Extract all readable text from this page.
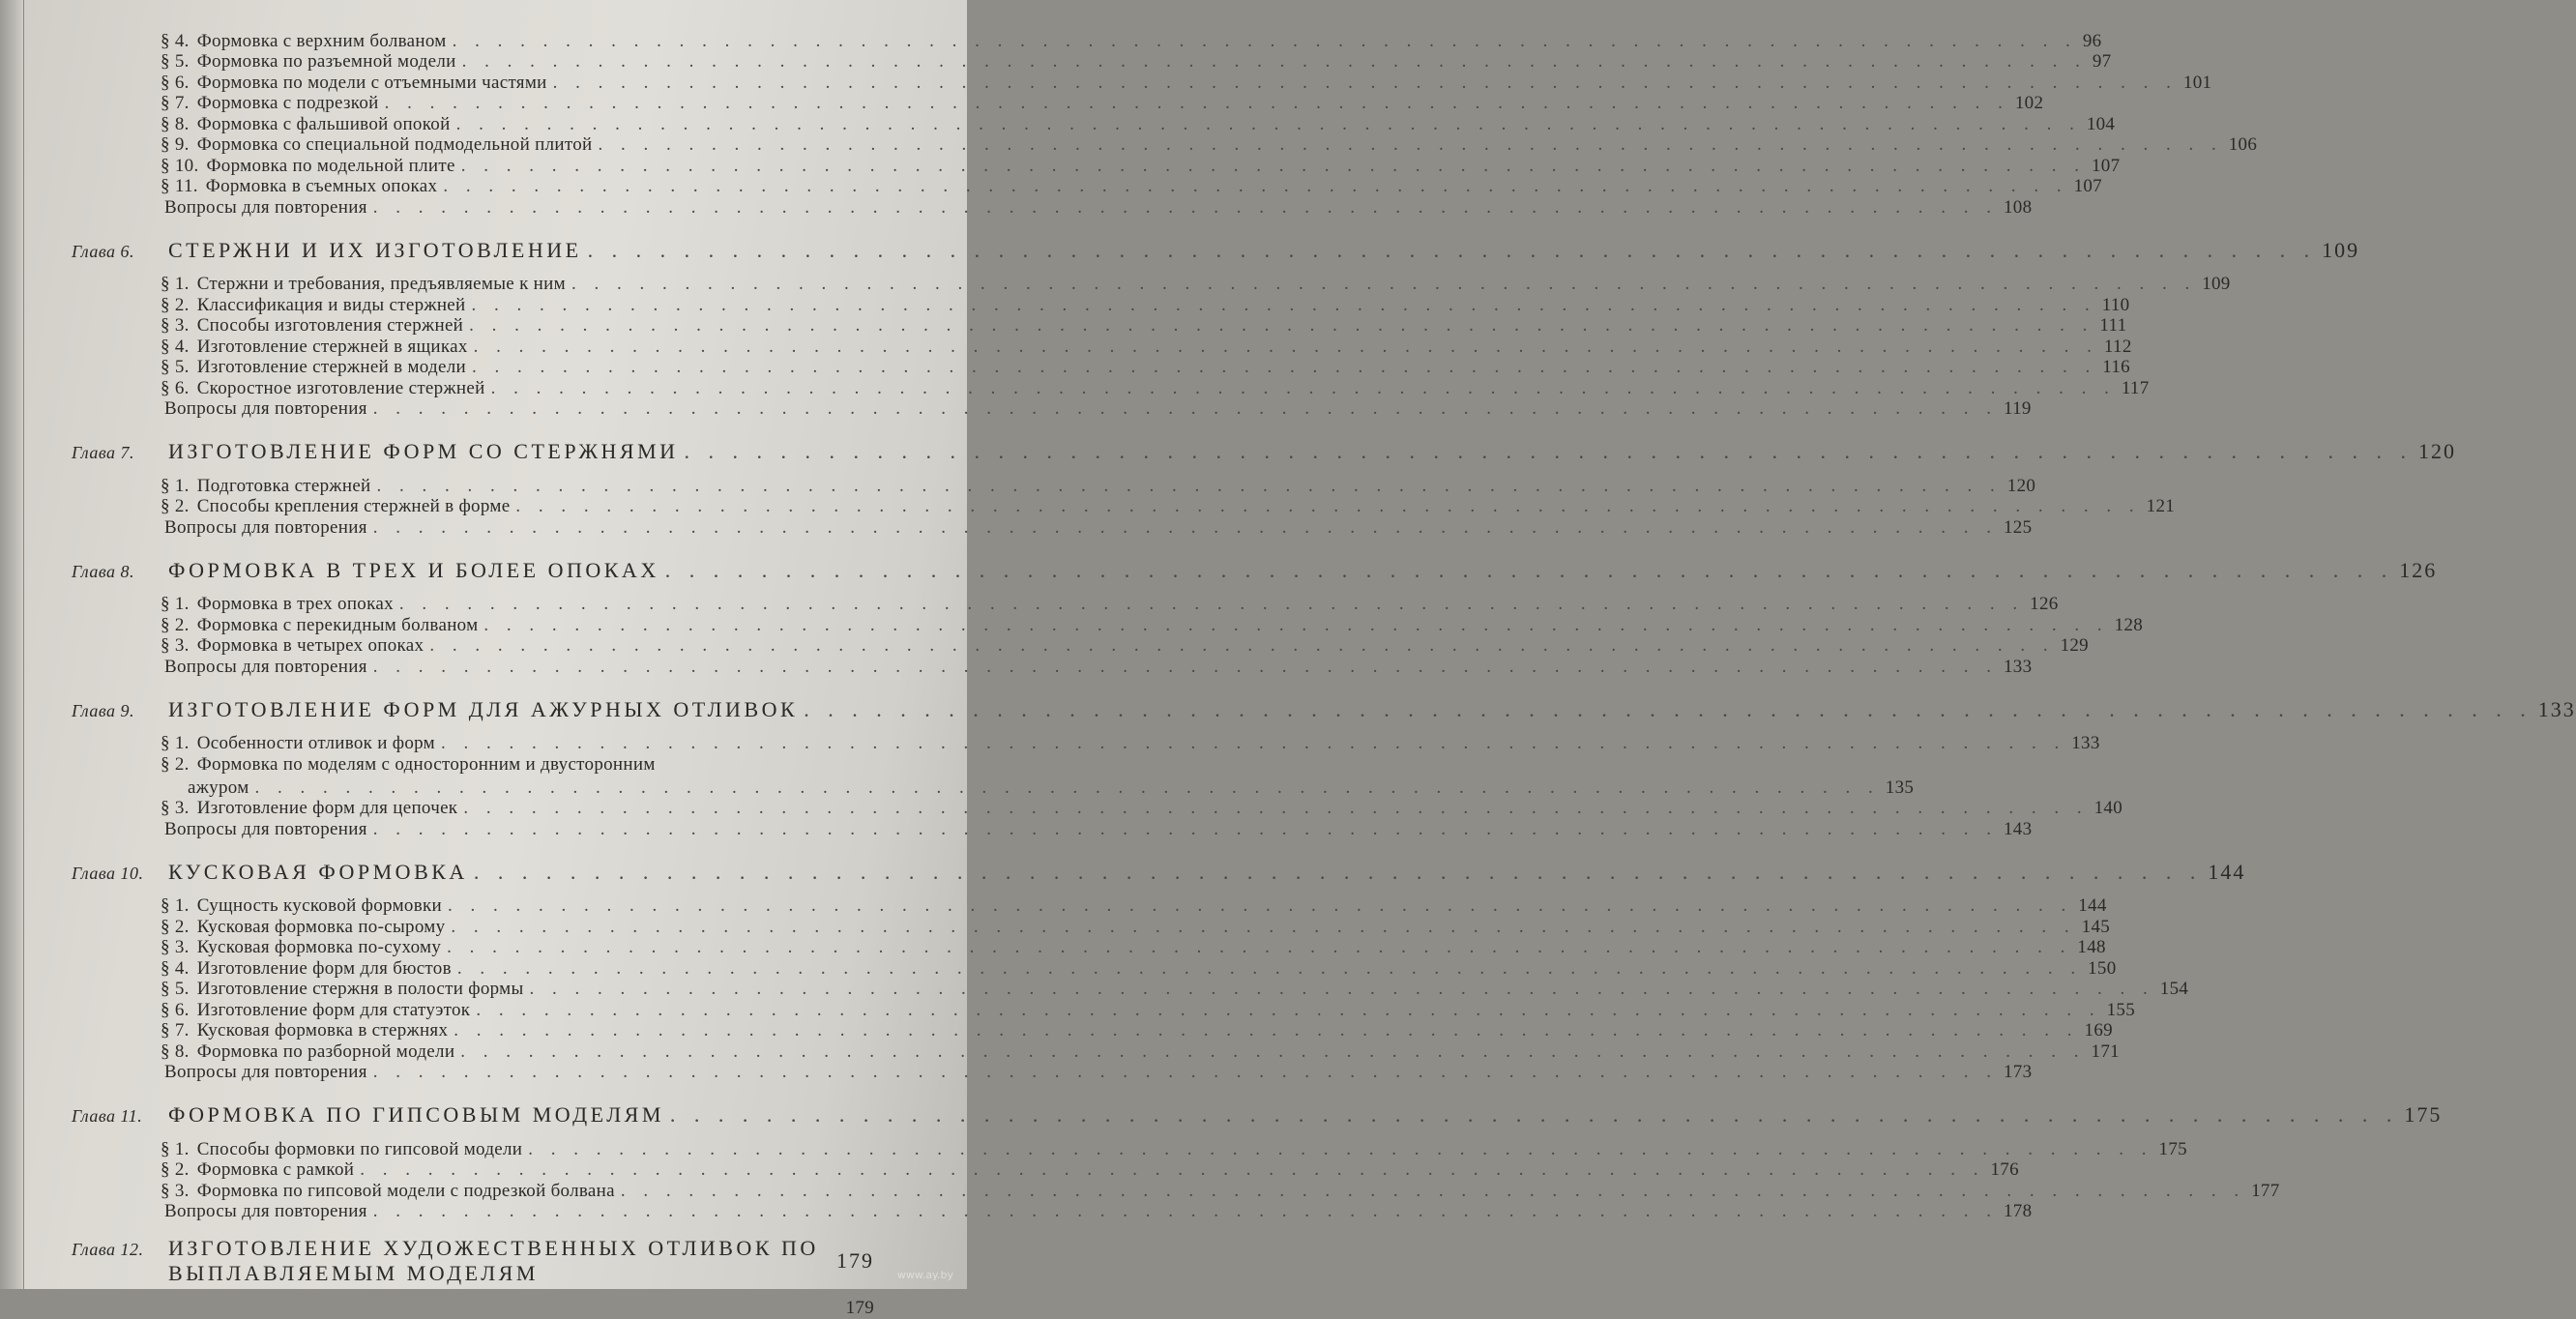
§ 4. Формовка с верхним болваном . . . . . . . . . . . . . . . . . . . . . . . . . . . . . . . . . . . . . . . . . . . . . . . . . . . . . . . . . . . . . . . . . . . . . . . . 96
§ 5. Формовка по разъемной модели . . . . . . . . . . . . . . . . . . . . . . . . . . . . . . . . . . . . . . . . . . . . . . . . . . . . . . . . . . . . . . . . . . . . . . . . 97
§ 6. Формовка по модели с отъемными частями . . . . . . . . . . . . . . . . . . . . . . . . . . . . . . . . . . . . . . . . . . . . . . . . . . . . . . . . . . . . . . . . . . . . . . . . 101
§ 7. Формовка с подрезкой . . . . . . . . . . . . . . . . . . . . . . . . . . . . . . . . . . . . . . . . . . . . . . . . . . . . . . . . . . . . . . . . . . . . . . . . 102
§ 8. Формовка с фальшивой опокой . . . . . . . . . . . . . . . . . . . . . . . . . . . . . . . . . . . . . . . . . . . . . . . . . . . . . . . . . . . . . . . . . . . . . . . . 104
§ 9. Формовка со специальной подмодельной плитой . . . . . . . . . . . . . . . . . . . . . . . . . . . . . . . . . . . . . . . . . . . . . . . . . . . . . . . . . . . . . . . . . . . . . . . . 106
§ 10. Формовка по модельной плите . . . . . . . . . . . . . . . . . . . . . . . . . . . . . . . . . . . . . . . . . . . . . . . . . . . . . . . . . . . . . . . . . . . . . . . . 107
§ 11. Формовка в съемных опоках . . . . . . . . . . . . . . . . . . . . . . . . . . . . . . . . . . . . . . . . . . . . . . . . . . . . . . . . . . . . . . . . . . . . . . . . 107
Вопросы для повторения . . . . . . . . . . . . . . . . . . . . . . . . . . . . . . . . . . . . . . . . . . . . . . . . . . . . . . . . . . . . . . . . . . . . . . . . 108
Глава 6. СТЕРЖНИ И ИХ ИЗГОТОВЛЕНИЕ . . . . . . . . . . . . . . . . . . . . . . . . . . . . . . . . . . . . . . . . . . . . . . . . . . . . . . . . . . . . . . . . . . . . . . . . 109
§ 1. Стержни и требования, предъявляемые к ним . . . . . . . . . . . . . . . . . . . . . . . . . . . . . . . . . . . . . . . . . . . . . . . . . . . . . . . . . . . . . . . . . . . . . . . . 109
§ 2. Классификация и виды стержней . . . . . . . . . . . . . . . . . . . . . . . . . . . . . . . . . . . . . . . . . . . . . . . . . . . . . . . . . . . . . . . . . . . . . . . . 110
§ 3. Способы изготовления стержней . . . . . . . . . . . . . . . . . . . . . . . . . . . . . . . . . . . . . . . . . . . . . . . . . . . . . . . . . . . . . . . . . . . . . . . . 111
§ 4. Изготовление стержней в ящиках . . . . . . . . . . . . . . . . . . . . . . . . . . . . . . . . . . . . . . . . . . . . . . . . . . . . . . . . . . . . . . . . . . . . . . . . 112
§ 5. Изготовление стержней в модели . . . . . . . . . . . . . . . . . . . . . . . . . . . . . . . . . . . . . . . . . . . . . . . . . . . . . . . . . . . . . . . . . . . . . . . . 116
§ 6. Скоростное изготовление стержней . . . . . . . . . . . . . . . . . . . . . . . . . . . . . . . . . . . . . . . . . . . . . . . . . . . . . . . . . . . . . . . . . . . . . . . . 117
Вопросы для повторения . . . . . . . . . . . . . . . . . . . . . . . . . . . . . . . . . . . . . . . . . . . . . . . . . . . . . . . . . . . . . . . . . . . . . . . . 119
Глава 7. ИЗГОТОВЛЕНИЕ ФОРМ СО СТЕРЖНЯМИ . . . . . . . . . . . . . . . . . . . . . . . . . . . . . . . . . . . . . . . . . . . . . . . . . . . . . . . . . . . . . . . . . . . . . . . . 120
§ 1. Подготовка стержней . . . . . . . . . . . . . . . . . . . . . . . . . . . . . . . . . . . . . . . . . . . . . . . . . . . . . . . . . . . . . . . . . . . . . . . . 120
§ 2. Способы крепления стержней в форме . . . . . . . . . . . . . . . . . . . . . . . . . . . . . . . . . . . . . . . . . . . . . . . . . . . . . . . . . . . . . . . . . . . . . . . . 121
Вопросы для повторения . . . . . . . . . . . . . . . . . . . . . . . . . . . . . . . . . . . . . . . . . . . . . . . . . . . . . . . . . . . . . . . . . . . . . . . . 125
Глава 8. ФОРМОВКА В ТРЕХ И БОЛЕЕ ОПОКАХ . . . . . . . . . . . . . . . . . . . . . . . . . . . . . . . . . . . . . . . . . . . . . . . . . . . . . . . . . . . . . . . . . . . . . . . . 126
§ 1. Формовка в трех опоках . . . . . . . . . . . . . . . . . . . . . . . . . . . . . . . . . . . . . . . . . . . . . . . . . . . . . . . . . . . . . . . . . . . . . . . . 126
§ 2. Формовка с перекидным болваном . . . . . . . . . . . . . . . . . . . . . . . . . . . . . . . . . . . . . . . . . . . . . . . . . . . . . . . . . . . . . . . . . . . . . . . . 128
§ 3. Формовка в четырех опоках . . . . . . . . . . . . . . . . . . . . . . . . . . . . . . . . . . . . . . . . . . . . . . . . . . . . . . . . . . . . . . . . . . . . . . . . 129
Вопросы для повторения . . . . . . . . . . . . . . . . . . . . . . . . . . . . . . . . . . . . . . . . . . . . . . . . . . . . . . . . . . . . . . . . . . . . . . . . 133
Глава 9. ИЗГОТОВЛЕНИЕ ФОРМ ДЛЯ АЖУРНЫХ ОТЛИВОК . . . . . . . . . . . . . . . . . . . . . . . . . . . . . . . . . . . . . . . . . . . . . . . . . . . . . . . . . . . . . . . . . . . . . . . . 133
§ 1. Особенности отливок и форм . . . . . . . . . . . . . . . . . . . . . . . . . . . . . . . . . . . . . . . . . . . . . . . . . . . . . . . . . . . . . . . . . . . . . . . . 133
§ 2. Формовка по моделям с односторонним и двусторонним
ажуром . . . . . . . . . . . . . . . . . . . . . . . . . . . . . . . . . . . . . . . . . . . . . . . . . . . . . . . . . . . . . . . . . . . . . . . . 135
§ 3. Изготовление форм для цепочек . . . . . . . . . . . . . . . . . . . . . . . . . . . . . . . . . . . . . . . . . . . . . . . . . . . . . . . . . . . . . . . . . . . . . . . . 140
Вопросы для повторения . . . . . . . . . . . . . . . . . . . . . . . . . . . . . . . . . . . . . . . . . . . . . . . . . . . . . . . . . . . . . . . . . . . . . . . . 143
Глава 10. КУСКОВАЯ ФОРМОВКА . . . . . . . . . . . . . . . . . . . . . . . . . . . . . . . . . . . . . . . . . . . . . . . . . . . . . . . . . . . . . . . . . . . . . . . . 144
§ 1. Сущность кусковой формовки . . . . . . . . . . . . . . . . . . . . . . . . . . . . . . . . . . . . . . . . . . . . . . . . . . . . . . . . . . . . . . . . . . . . . . . . 144
§ 2. Кусковая формовка по-сырому . . . . . . . . . . . . . . . . . . . . . . . . . . . . . . . . . . . . . . . . . . . . . . . . . . . . . . . . . . . . . . . . . . . . . . . . 145
§ 3. Кусковая формовка по-сухому . . . . . . . . . . . . . . . . . . . . . . . . . . . . . . . . . . . . . . . . . . . . . . . . . . . . . . . . . . . . . . . . . . . . . . . . 148
§ 4. Изготовление форм для бюстов . . . . . . . . . . . . . . . . . . . . . . . . . . . . . . . . . . . . . . . . . . . . . . . . . . . . . . . . . . . . . . . . . . . . . . . . 150
§ 5. Изготовление стержня в полости формы . . . . . . . . . . . . . . . . . . . . . . . . . . . . . . . . . . . . . . . . . . . . . . . . . . . . . . . . . . . . . . . . . . . . . . . . 154
§ 6. Изготовление форм для статуэток . . . . . . . . . . . . . . . . . . . . . . . . . . . . . . . . . . . . . . . . . . . . . . . . . . . . . . . . . . . . . . . . . . . . . . . . 155
§ 7. Кусковая формовка в стержнях . . . . . . . . . . . . . . . . . . . . . . . . . . . . . . . . . . . . . . . . . . . . . . . . . . . . . . . . . . . . . . . . . . . . . . . . 169
§ 8. Формовка по разборной модели . . . . . . . . . . . . . . . . . . . . . . . . . . . . . . . . . . . . . . . . . . . . . . . . . . . . . . . . . . . . . . . . . . . . . . . . 171
Вопросы для повторения . . . . . . . . . . . . . . . . . . . . . . . . . . . . . . . . . . . . . . . . . . . . . . . . . . . . . . . . . . . . . . . . . . . . . . . . 173
Глава 11. ФОРМОВКА ПО ГИПСОВЫМ МОДЕЛЯМ . . . . . . . . . . . . . . . . . . . . . . . . . . . . . . . . . . . . . . . . . . . . . . . . . . . . . . . . . . . . . . . . . . . . . . . . 175
§ 1. Способы формовки по гипсовой модели . . . . . . . . . . . . . . . . . . . . . . . . . . . . . . . . . . . . . . . . . . . . . . . . . . . . . . . . . . . . . . . . . . . . . . . . 175
§ 2. Формовка с рамкой . . . . . . . . . . . . . . . . . . . . . . . . . . . . . . . . . . . . . . . . . . . . . . . . . . . . . . . . . . . . . . . . . . . . . . . . 176
§ 3. Формовка по гипсовой модели с подрезкой болвана . . . . . . . . . . . . . . . . . . . . . . . . . . . . . . . . . . . . . . . . . . . . . . . . . . . . . . . . . . . . . . . . . . . . . . . . 177
Вопросы для повторения . . . . . . . . . . . . . . . . . . . . . . . . . . . . . . . . . . . . . . . . . . . . . . . . . . . . . . . . . . . . . . . . . . . . . . . . 178
Глава 12. ИЗГОТОВЛЕНИЕ ХУДОЖЕСТВЕННЫХ ОТЛИВОК ПО
ВЫПЛАВЛЯЕМЫМ МОДЕЛЯМ
179
179
www.ay.by
